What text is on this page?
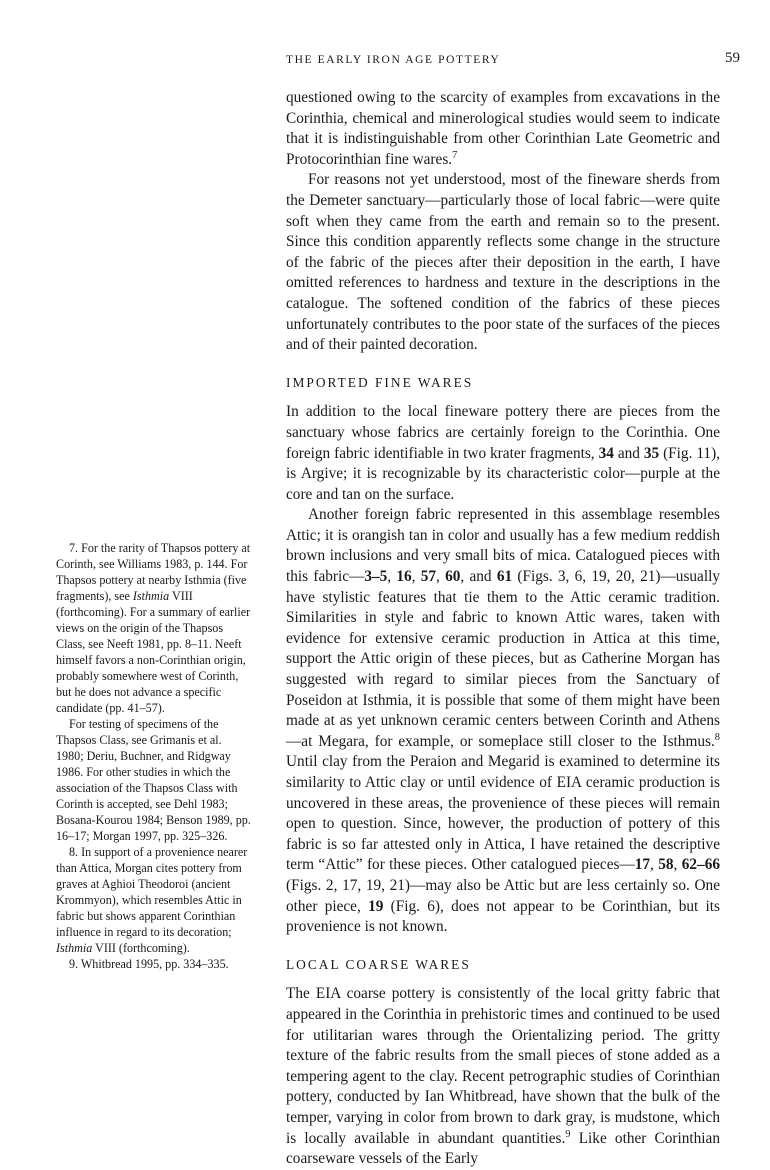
THE EARLY IRON AGE POTTERY	59

questioned owing to the scarcity of examples from excavations in the Corinthia, chemical and minerological studies would seem to indicate that it is indistinguishable from other Corinthian Late Geometric and Protocorinthian fine wares.$^7$

For reasons not yet understood, most of the fineware sherds from the Demeter sanctuary—particularly those of local fabric—were quite soft when they came from the earth and remain so to the present. Since this condition apparently reflects some change in the structure of the fabric of the pieces after their deposition in the earth, I have omitted references to hardness and texture in the descriptions in the catalogue. The softened condition of the fabrics of these pieces unfortunately contributes to the poor state of the surfaces of the pieces and of their painted decoration.

IMPORTED FINE WARES

In addition to the local fineware pottery there are pieces from the sanctuary whose fabrics are certainly foreign to the Corinthia. One foreign fabric identifiable in two krater fragments, 34 and 35 (Fig. 11), is Argive; it is recognizable by its characteristic color—purple at the core and tan on the surface.

Another foreign fabric represented in this assemblage resembles Attic; it is orangish tan in color and usually has a few medium reddish brown inclusions and very small bits of mica. Catalogued pieces with this fabric—3–5, 16, 57, 60, and 61 (Figs. 3, 6, 19, 20, 21)—usually have stylistic features that tie them to the Attic ceramic tradition. Similarities in style and fabric to known Attic wares, taken with evidence for extensive ceramic production in Attica at this time, support the Attic origin of these pieces, but as Catherine Morgan has suggested with regard to similar pieces from the Sanctuary of Poseidon at Isthmia, it is possible that some of them might have been made at as yet unknown ceramic centers between Corinth and Athens—at Megara, for example, or someplace still closer to the Isthmus.$^8$ Until clay from the Peraion and Megarid is examined to determine its similarity to Attic clay or until evidence of EIA ceramic production is uncovered in these areas, the provenience of these pieces will remain open to question. Since, however, the production of pottery of this fabric is so far attested only in Attica, I have retained the descriptive term “Attic” for these pieces. Other catalogued pieces—17, 58, 62–66 (Figs. 2, 17, 19, 21)—may also be Attic but are less certainly so. One other piece, 19 (Fig. 6), does not appear to be Corinthian, but its provenience is not known.

LOCAL COARSE WARES

The EIA coarse pottery is consistently of the local gritty fabric that appeared in the Corinthia in prehistoric times and continued to be used for utilitarian wares through the Orientalizing period. The gritty texture of the fabric results from the small pieces of stone added as a tempering agent to the clay. Recent petrographic studies of Corinthian pottery, conducted by Ian Whitbread, have shown that the bulk of the temper, varying in color from brown to dark gray, is mudstone, which is locally available in abundant quantities.$^9$ Like other Corinthian coarseware vessels of the Early

7. For the rarity of Thapsos pottery at Corinth, see Williams 1983, p. 144. For Thapsos pottery at nearby Isthmia (five fragments), see Isthmia VIII (forthcoming). For a summary of earlier views on the origin of the Thapsos Class, see Neeft 1981, pp. 8–11. Neeft himself favors a non-Corinthian origin, probably somewhere west of Corinth, but he does not advance a specific candidate (pp. 41–57).

For testing of specimens of the Thapsos Class, see Grimanis et al. 1980; Deriu, Buchner, and Ridgway 1986. For other studies in which the association of the Thapsos Class with Corinth is accepted, see Dehl 1983; Bosana-Kourou 1984; Benson 1989, pp. 16–17; Morgan 1997, pp. 325–326.

8. In support of a provenience nearer than Attica, Morgan cites pottery from graves at Aghioi Theodoroi (ancient Krommyon), which resembles Attic in fabric but shows apparent Corinthian influence in regard to its decoration; Isthmia VIII (forthcoming).

9. Whitbread 1995, pp. 334–335.
